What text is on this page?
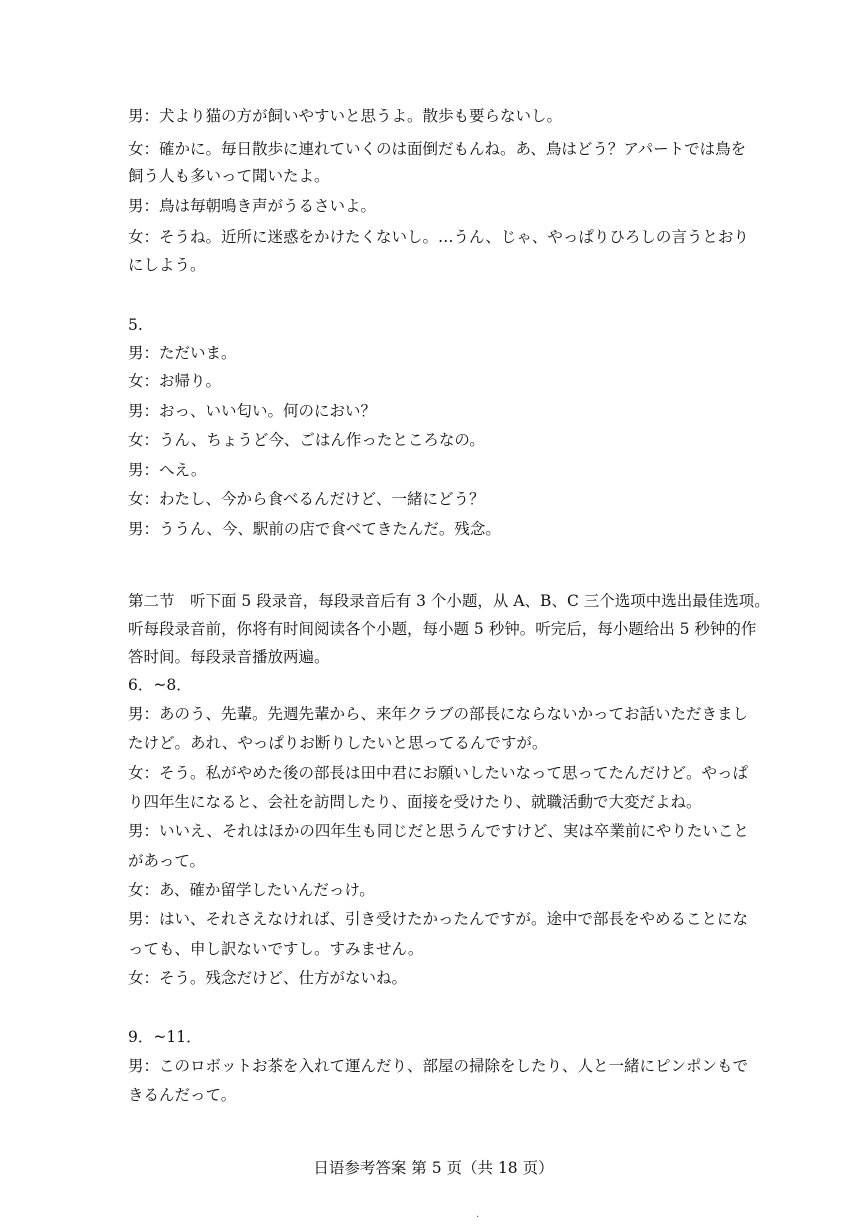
男：犬より猫の方が飼いやすいと思うよ。散歩も要らないし。
女：確かに。毎日散歩に連れていくのは面倒だもんね。あ、鳥はどう？アパートでは鳥を
飼う人も多いって聞いたよ。
男：鳥は毎朝鳴き声がうるさいよ。
女：そうね。近所に迷惑をかけたくないし。…うん、じゃ、やっぱりひろしの言うとおり
にしよう。
5.
男：ただいま。
女：お帰り。
男：おっ、いい匂い。何のにおい？
女：うん、ちょうど今、ごはん作ったところなの。
男：へえ。
女：わたし、今から食べるんだけど、一緒にどう？
男：ううん、今、駅前の店で食べてきたんだ。残念。
第二节　听下面 5 段录音，每段录音后有 3 个小题，从 A、B、C 三个选项中选出最佳选项。
听每段录音前，你将有时间阅读各个小题，每小题 5 秒钟。听完后，每小题给出 5 秒钟的作
答时间。每段录音播放两遍。
6．~8．
男：あのう、先輩。先週先輩から、来年クラブの部長にならないかってお話いただきまし
たけど。あれ、やっぱりお断りしたいと思ってるんですが。
女：そう。私がやめた後の部長は田中君にお願いしたいなって思ってたんだけど。やっぱ
り四年生になると、会社を訪問したり、面接を受けたり、就職活動で大変だよね。
男：いいえ、それはほかの四年生も同じだと思うんですけど、実は卒業前にやりたいこと
があって。
女：あ、確か留学したいんだっけ。
男：はい、それさえなければ、引き受けたかったんですが。途中で部長をやめることにな
っても、申し訳ないですし。すみません。
女：そう。残念だけど、仕方がないね。
9．~11．
男：このロボットお茶を入れて運んだり、部屋の掃除をしたり、人と一緒にピンポンもで
きるんだって。
日语参考答案 第 5 页（共 18 页）
·
